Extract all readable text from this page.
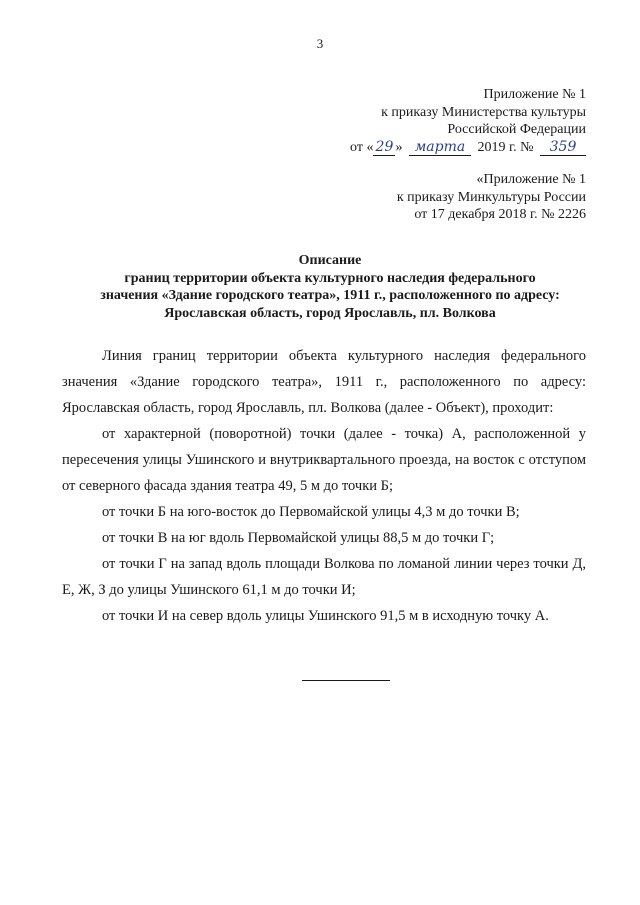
3
Приложение № 1
к приказу Министерства культуры
Российской Федерации
от « 29 » марта 2019 г. № 359
«Приложение № 1
к приказу Минкультуры России
от 17 декабря 2018 г. № 2226
Описание
границ территории объекта культурного наследия федерального
значения «Здание городского театра», 1911 г., расположенного по адресу:
Ярославская область, город Ярославль, пл. Волкова

Линия границ территории объекта культурного наследия федерального значения «Здание городского театра», 1911 г., расположенного по адресу: Ярославская область, город Ярославль, пл. Волкова (далее - Объект), проходит:

от характерной (поворотной) точки (далее - точка) А, расположенной у пересечения улицы Ушинского и внутриквартального проезда, на восток с отступом от северного фасада здания театра 49, 5 м до точки Б;

от точки Б на юго-восток до Первомайской улицы 4,3 м до точки В;

от точки В на юг вдоль Первомайской улицы 88,5 м до точки Г;

от точки Г на запад вдоль площади Волкова по ломаной линии через точки Д, Е, Ж, З до улицы Ушинского 61,1 м до точки И;

от точки И на север вдоль улицы Ушинского 91,5 м в исходную точку А.
